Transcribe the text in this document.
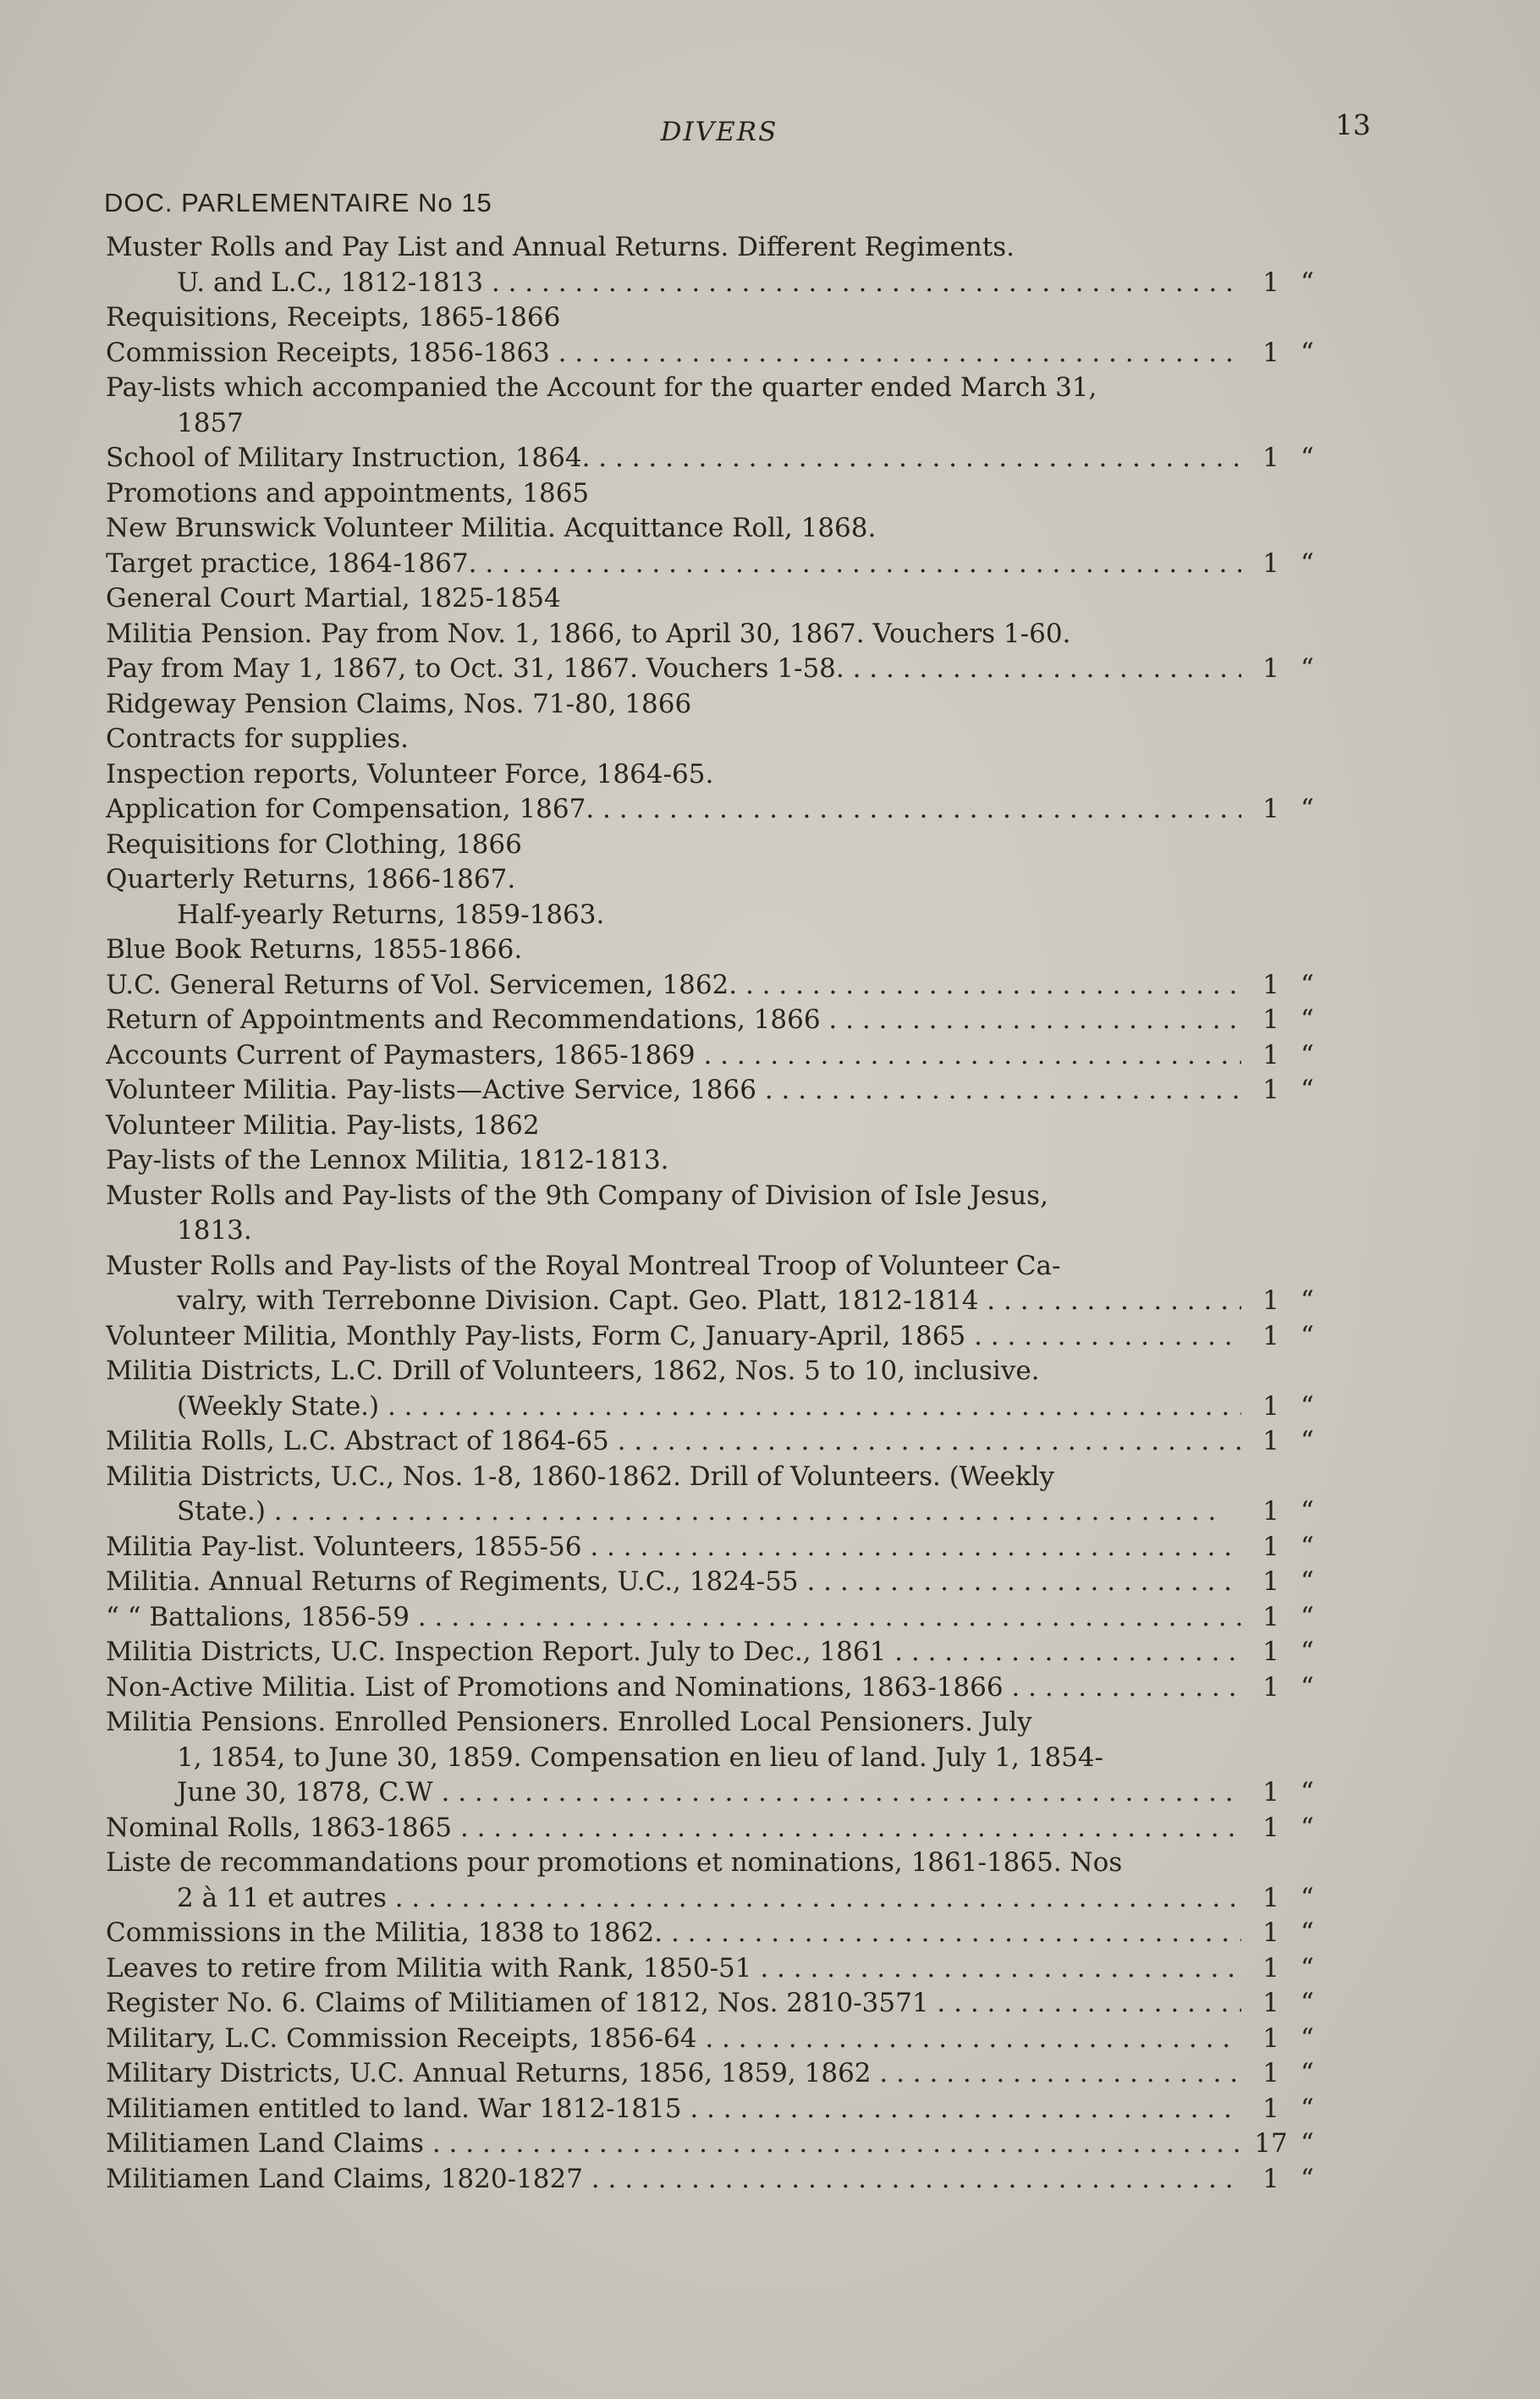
DIVERS	13
DOC. PARLEMENTAIRE No 15
Muster Rolls and Pay List and Annual Returns. Different Regiments.
U. and L.C., 1812-1813 . . .	1 “
Requisitions, Receipts, 1865-1866
Commission Receipts, 1856-1863 . . .	1 “
Pay-lists which accompanied the Account for the quarter ended March 31,
1857
School of Military Instruction, 1864. . . .	1 “
Promotions and appointments, 1865
New Brunswick Volunteer Militia. Acquittance Roll, 1868.
Target practice, 1864-1867. . . .	1 “
General Court Martial, 1825-1854
Militia Pension. Pay from Nov. 1, 1866, to April 30, 1867. Vouchers 1-60.
Pay from May 1, 1867, to Oct. 31, 1867. Vouchers 1-58. . . .	1 “
Ridgeway Pension Claims, Nos. 71-80, 1866
Contracts for supplies.
Inspection reports, Volunteer Force, 1864-65.
Application for Compensation, 1867. . . .	1 “
Requisitions for Clothing, 1866
Quarterly Returns, 1866-1867.
Half-yearly Returns, 1859-1863.
Blue Book Returns, 1855-1866.
U.C. General Returns of Vol. Servicemen, 1862. . . .	1 “
Return of Appointments and Recommendations, 1866 . . .	1 “
Accounts Current of Paymasters, 1865-1869 . . .	1 “
Volunteer Militia. Pay-lists—Active Service, 1866 . . .	1 “
Volunteer Militia. Pay-lists, 1862
Pay-lists of the Lennox Militia, 1812-1813.
Muster Rolls and Pay-lists of the 9th Company of Division of Isle Jesus,
1813.
Muster Rolls and Pay-lists of the Royal Montreal Troop of Volunteer Ca-
valry, with Terrebonne Division. Capt. Geo. Platt, 1812-1814 . . .	1 “
Volunteer Militia, Monthly Pay-lists, Form C, January-April, 1865 . . .	1 “
Militia Districts, L.C. Drill of Volunteers, 1862, Nos. 5 to 10, inclusive.
(Weekly State.) . . .	1 “
Militia Rolls, L.C. Abstract of 1864-65 . . .	1 “
Militia Districts, U.C., Nos. 1-8, 1860-1862. Drill of Volunteers. (Weekly
State.) . . .	1 “
Militia Pay-list. Volunteers, 1855-56 . . .	1 “
Militia. Annual Returns of Regiments, U.C., 1824-55 . . .	1 “
“ “ Battalions, 1856-59 . . .	1 “
Militia Districts, U.C. Inspection Report. July to Dec., 1861 . . .	1 “
Non-Active Militia. List of Promotions and Nominations, 1863-1866 . . .	1 “
Militia Pensions. Enrolled Pensioners. Enrolled Local Pensioners. July
1, 1854, to June 30, 1859. Compensation en lieu of land. July 1, 1854-
June 30, 1878, C.W . . .	1 “
Nominal Rolls, 1863-1865 . . .	1 “
Liste de recommandations pour promotions et nominations, 1861-1865. Nos
2 à 11 et autres . . .	1 “
Commissions in the Militia, 1838 to 1862. . . .	1 “
Leaves to retire from Militia with Rank, 1850-51 . . .	1 “
Register No. 6. Claims of Militiamen of 1812, Nos. 2810-3571 . . .	1 “
Military, L.C. Commission Receipts, 1856-64 . . .	1 “
Military Districts, U.C. Annual Returns, 1856, 1859, 1862 . . .	1 “
Militiamen entitled to land. War 1812-1815 . . .	1 “
Militiamen Land Claims . . .	17 “
Militiamen Land Claims, 1820-1827 . . .	1 “
